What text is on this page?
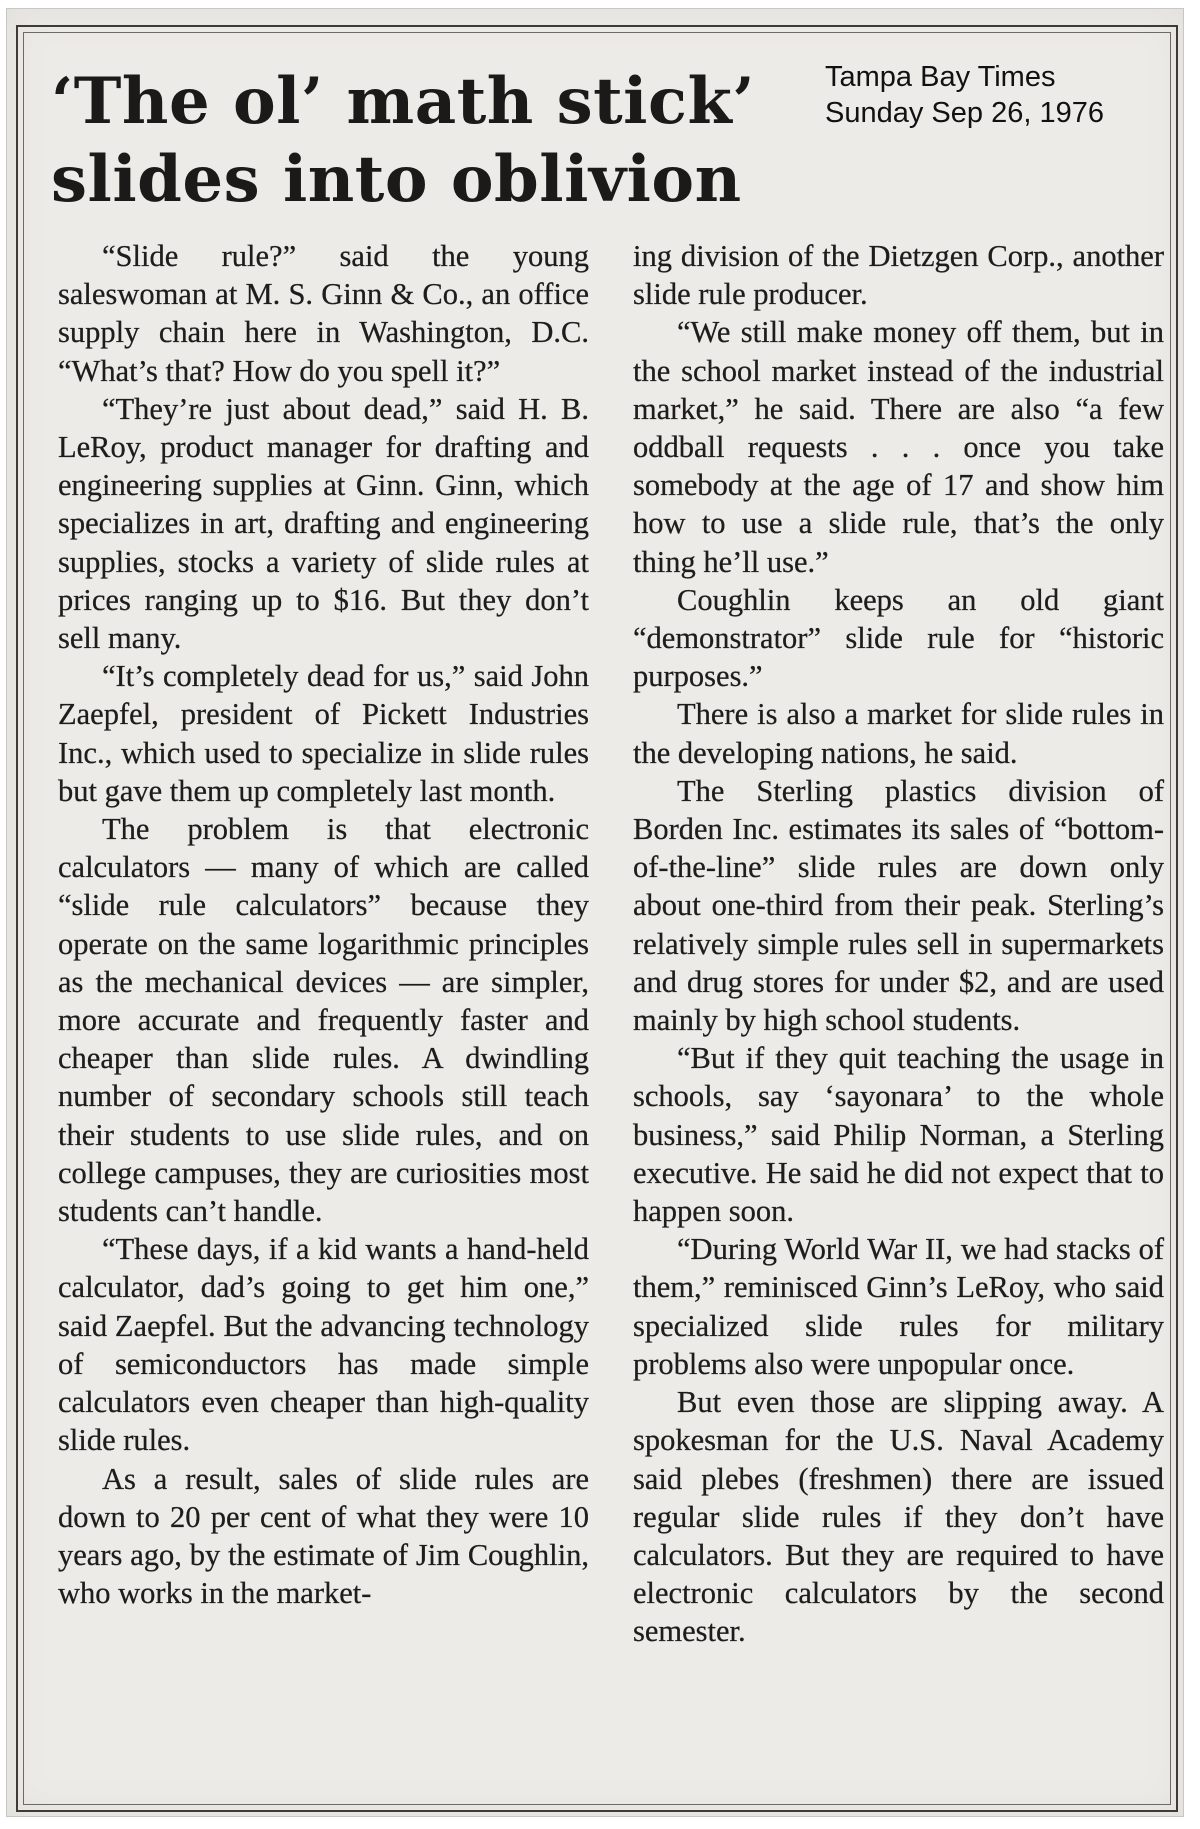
Tampa Bay Times
Sunday Sep 26, 1976
‘The ol’ math stick’
slides into oblivion

“Slide rule?” said the young saleswoman at M. S. Ginn & Co., an office supply chain here in Washington, D.C. “What’s that? How do you spell it?”

“They’re just about dead,” said H. B. LeRoy, product manager for drafting and engineering supplies at Ginn. Ginn, which specializes in art, drafting and engineering supplies, stocks a variety of slide rules at prices ranging up to $16. But they don’t sell many.

“It’s completely dead for us,” said John Zaepfel, president of Pickett Industries Inc., which used to specialize in slide rules but gave them up completely last month.

The problem is that electronic calculators — many of which are called “slide rule calculators” because they operate on the same logarithmic principles as the mechanical devices — are simpler, more accurate and frequently faster and cheaper than slide rules. A dwindling number of secondary schools still teach their students to use slide rules, and on college campuses, they are curiosities most students can’t handle.

“These days, if a kid wants a hand-held calculator, dad’s going to get him one,” said Zaepfel. But the advancing technology of semiconductors has made simple calculators even cheaper than high-quality slide rules.

As a result, sales of slide rules are down to 20 per cent of what they were 10 years ago, by the estimate of Jim Coughlin, who works in the market-

ing division of the Dietzgen Corp., another slide rule producer.

“We still make money off them, but in the school market instead of the industrial market,” he said. There are also “a few oddball requests . . . once you take somebody at the age of 17 and show him how to use a slide rule, that’s the only thing he’ll use.”

Coughlin keeps an old giant “demonstrator” slide rule for “historic purposes.”

There is also a market for slide rules in the developing nations, he said.

The Sterling plastics division of Borden Inc. estimates its sales of “bottom-of-the-line” slide rules are down only about one-third from their peak. Sterling’s relatively simple rules sell in supermarkets and drug stores for under $2, and are used mainly by high school students.

“But if they quit teaching the usage in schools, say ‘sayonara’ to the whole business,” said Philip Norman, a Sterling executive. He said he did not expect that to happen soon.

“During World War II, we had stacks of them,” reminisced Ginn’s LeRoy, who said specialized slide rules for military problems also were unpopular once.

But even those are slipping away. A spokesman for the U.S. Naval Academy said plebes (freshmen) there are issued regular slide rules if they don’t have calculators. But they are required to have electronic calculators by the second semester.
